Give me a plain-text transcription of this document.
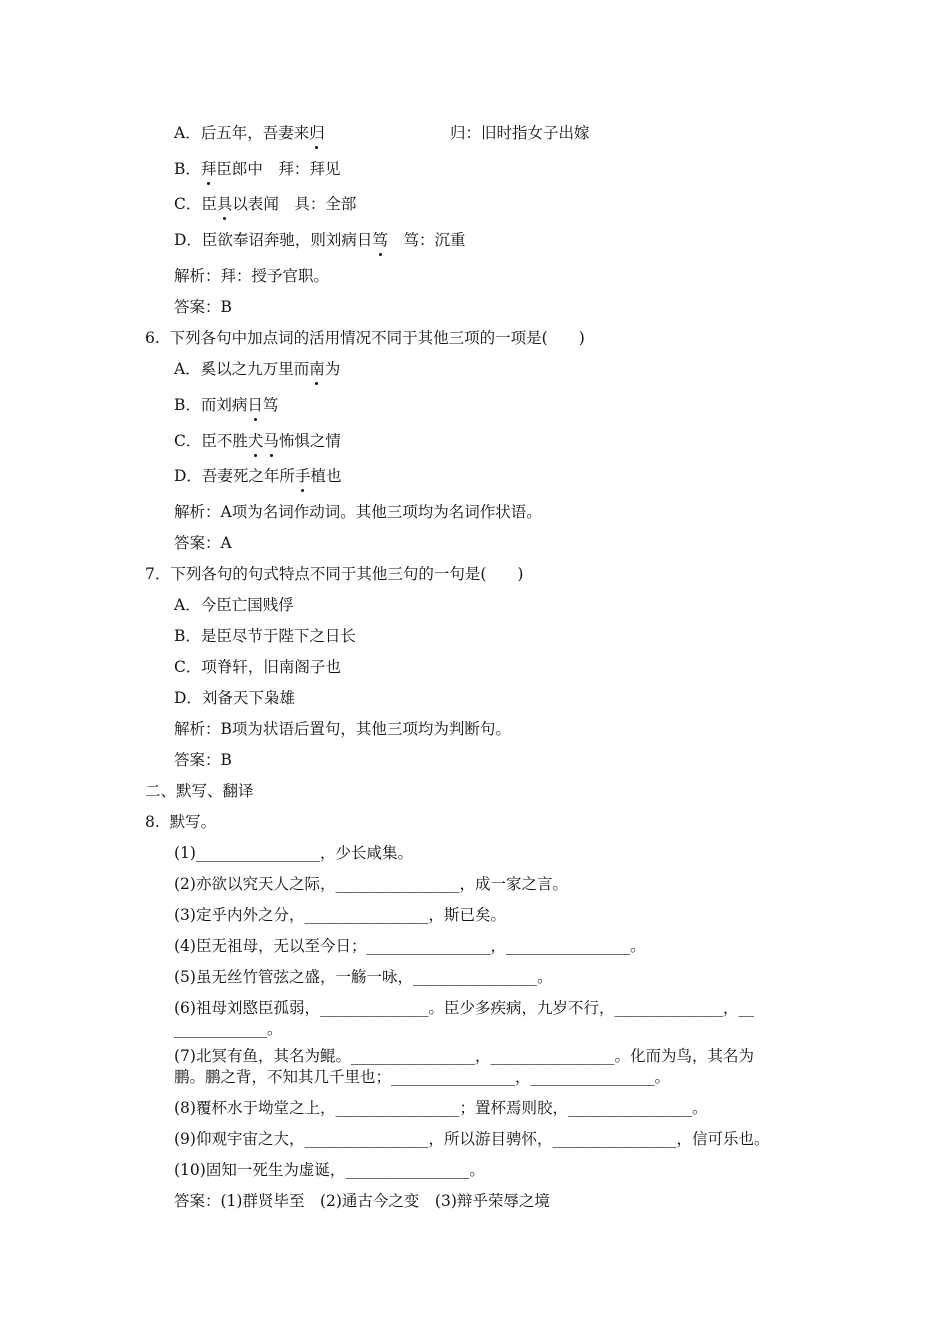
A．后五年，吾妻来归	归：旧时指女子出嫁
B．拜臣郎中　拜：拜见
C．臣具以表闻　具：全部
D．臣欲奉诏奔驰，则刘病日笃　笃：沉重
解析：拜：授予官职。
答案：B
6.  下列各句中加点词的活用情况不同于其他三项的一项是(　　)
A．奚以之九万里而南为
B．而刘病日笃
C．臣不胜犬马怖惧之情
D．吾妻死之年所手植也
解析：A项为名词作动词。其他三项均为名词作状语。
答案：A
7．下列各句的句式特点不同于其他三句的一句是(　　)
A．今臣亡国贱俘
B．是臣尽节于陛下之日长
C．项脊轩，旧南阁子也
D．刘备天下枭雄
解析：B项为状语后置句，其他三项均为判断句。
答案：B
二、默写、翻译
8.  默写。
(1)________________，少长咸集。
(2)亦欲以究天人之际，________________，成一家之言。
(3)定乎内外之分，________________，斯已矣。
(4)臣无祖母，无以至今日；________________，________________。
(5)虽无丝竹管弦之盛，一觞一咏，________________。
(6)祖母刘愍臣孤弱，______________。臣少多疾病，九岁不行，______________，__
____________。
(7)北冥有鱼，其名为鲲。________________，________________。化而为鸟，其名为
鹏。鹏之背，不知其几千里也；________________，________________。
(8)覆杯水于坳堂之上，________________；置杯焉则胶，________________。
(9)仰观宇宙之大，________________，所以游目骋怀，________________，信可乐也。
(10)固知一死生为虚诞，________________。
答案：(1)群贤毕至　(2)通古今之变　(3)辩乎荣辱之境
